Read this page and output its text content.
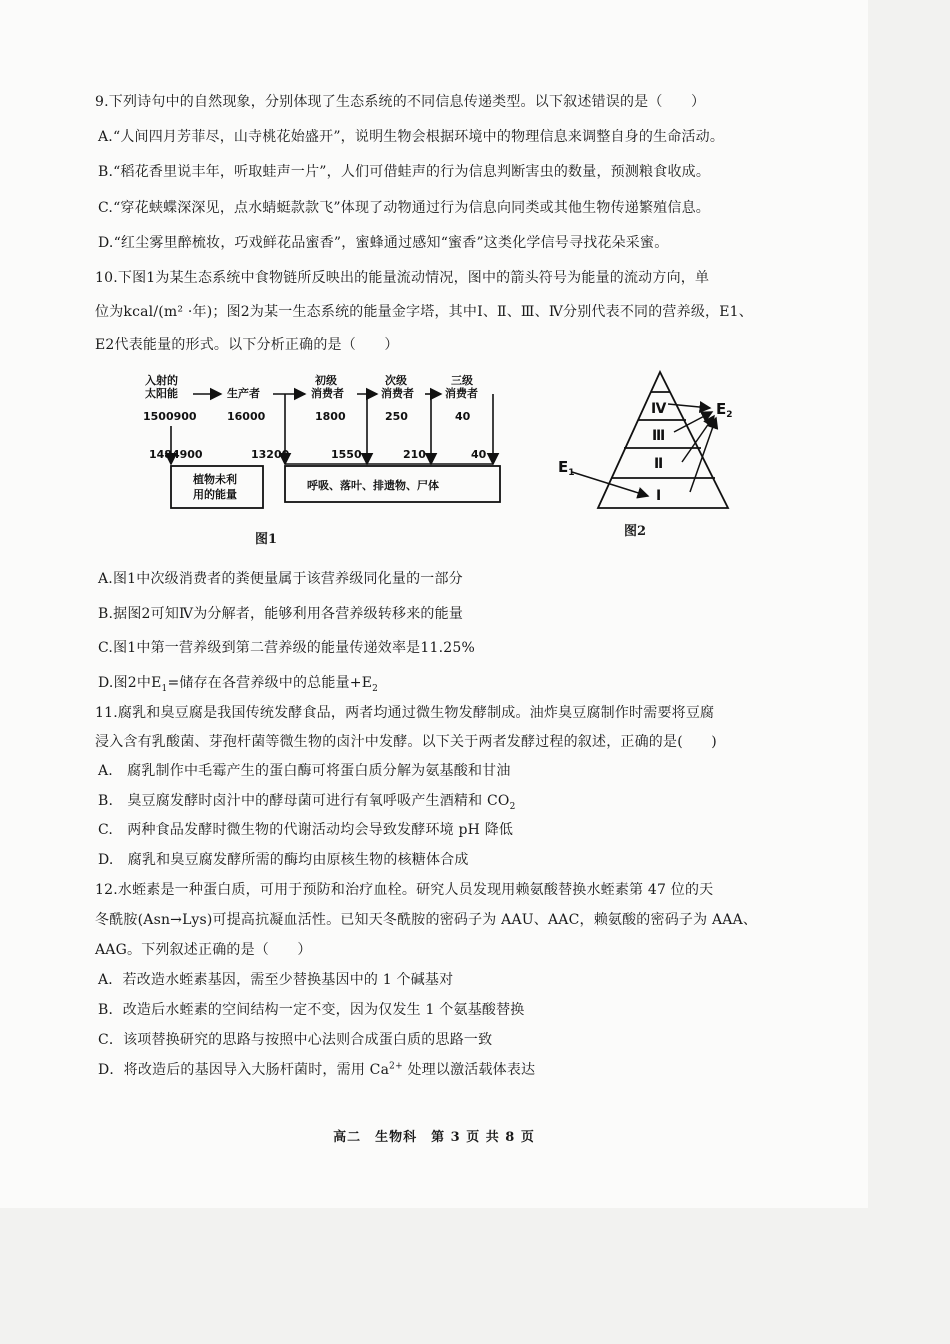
9.下列诗句中的自然现象，分别体现了生态系统的不同信息传递类型。以下叙述错误的是（　　）
A.“人间四月芳菲尽，山寺桃花始盛开”，说明生物会根据环境中的物理信息来调整自身的生命活动。
B.“稻花香里说丰年，听取蛙声一片”，人们可借蛙声的行为信息判断害虫的数量，预测粮食收成。
C.“穿花蛱蝶深深见，点水蜻蜓款款飞”体现了动物通过行为信息向同类或其他生物传递繁殖信息。
D.“红尘雾里醉梳妆，巧戏鲜花品蜜香”，蜜蜂通过感知“蜜香”这类化学信号寻找花朵采蜜。
10.下图1为某生态系统中食物链所反映出的能量流动情况，图中的箭头符号为能量的流动方向，单
位为kcal/(m² ·年)；图2为某一生态系统的能量金字塔，其中Ⅰ、Ⅱ、Ⅲ、Ⅳ分别代表不同的营养级，E1、
E2代表能量的形式。以下分析正确的是（　　）
入射的
太阳能	生产者
初级
消费者
次级
消费者
三级
消费者
1500900	16000	1800	250	40
1484900	13200	1550	210	40
植物未利
用的能量
呼吸、落叶、排遗物、尸体
图1
Ⅰ
Ⅱ
Ⅲ
Ⅳ
$E_1$
$E_2$
图2
A.图1中次级消费者的粪便量属于该营养级同化量的一部分
B.据图2可知Ⅳ为分解者，能够利用各营养级转移来的能量
C.图1中第一营养级到第二营养级的能量传递效率是11.25%
D.图2中$E_1=$储存在各营养级中的总能量$+E_2$
11.腐乳和臭豆腐是我国传统发酵食品，两者均通过微生物发酵制成。油炸臭豆腐制作时需要将豆腐
浸入含有乳酸菌、芽孢杆菌等微生物的卤汁中发酵。以下关于两者发酵过程的叙述，正确的是(　　)
A.　腐乳制作中毛霉产生的蛋白酶可将蛋白质分解为氨基酸和甘油
B.　臭豆腐发酵时卤汁中的酵母菌可进行有氧呼吸产生酒精和 $CO_2$
C.　两种食品发酵时微生物的代谢活动均会导致发酵环境 pH 降低
D.　腐乳和臭豆腐发酵所需的酶均由原核生物的核糖体合成
12.水蛭素是一种蛋白质，可用于预防和治疗血栓。研究人员发现用赖氨酸替换水蛭素第 47 位的天
冬酰胺(Asn→Lys)可提高抗凝血活性。已知天冬酰胺的密码子为 AAU、AAC，赖氨酸的密码子为 AAA、
AAG。下列叙述正确的是（　　）
A．若改造水蛭素基因，需至少替换基因中的 1 个碱基对
B．改造后水蛭素的空间结构一定不变，因为仅发生 1 个氨基酸替换
C．该项替换研究的思路与按照中心法则合成蛋白质的思路一致
D．将改造后的基因导入大肠杆菌时，需用 $Ca^{2+}$ 处理以激活载体表达
高二　生物科　第 3 页 共 8 页
